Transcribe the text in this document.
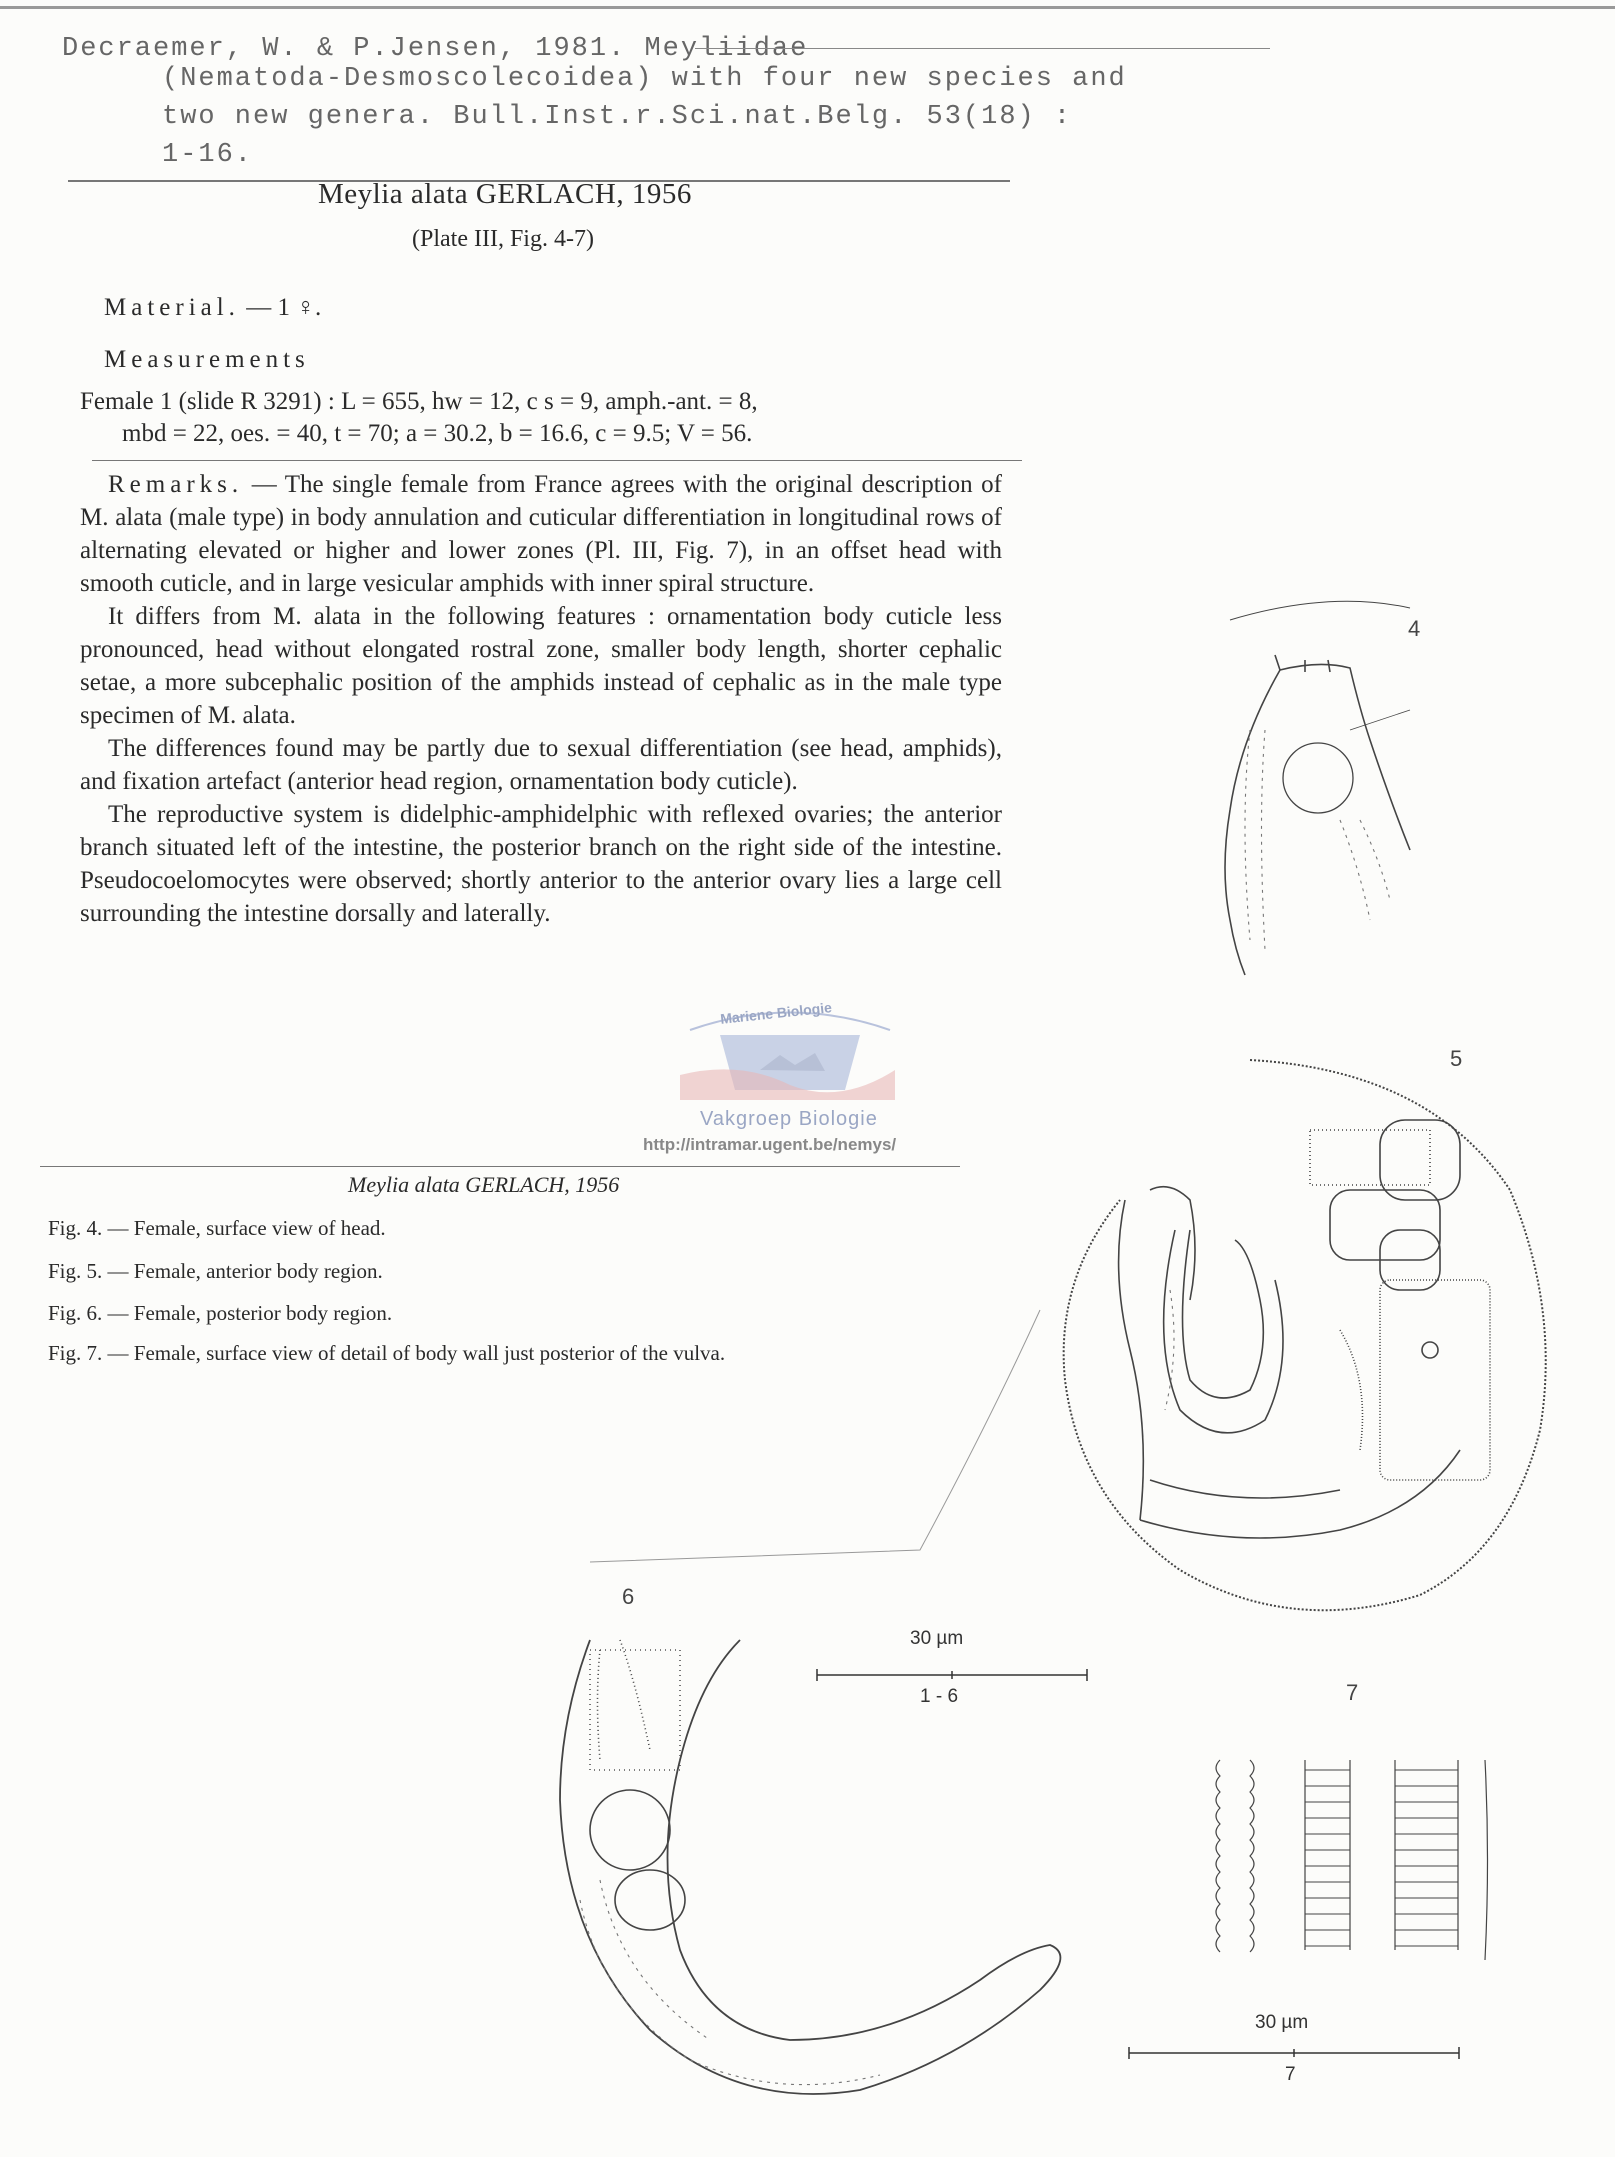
Decraemer, W. & P.Jensen, 1981. Meyliidae
(Nematoda-Desmoscolecoidea) with four new species and
two new genera. Bull.Inst.r.Sci.nat.Belg. 53(18) :
1-16.
Meylia alata GERLACH, 1956
(Plate III, Fig. 4-7)
Material. — 1 ♀.
Measurements
Female 1 (slide R 3291) : L = 655, hw = 12, c s = 9, amph.-ant. = 8,
mbd = 22, oes. = 40, t = 70; a = 30.2, b = 16.6, c = 9.5; V = 56.

Remarks. — The single female from France agrees with the original description of M. alata (male type) in body annulation and cuticular differentiation in longitudinal rows of alternating elevated or higher and lower zones (Pl. III, Fig. 7), in an offset head with smooth cuticle, and in large vesicular amphids with inner spiral structure.

It differs from M. alata in the following features : ornamentation body cuticle less pronounced, head without elongated rostral zone, smaller body length, shorter cephalic setae, a more subcephalic position of the amphids instead of cephalic as in the male type specimen of M. alata.

The differences found may be partly due to sexual differentiation (see head, amphids), and fixation artefact (anterior head region, ornamentation body cuticle).

The reproductive system is didelphic-amphidelphic with reflexed ovaries; the anterior branch situated left of the intestine, the posterior branch on the right side of the intestine. Pseudocoelomocytes were observed; shortly anterior to the anterior ovary lies a large cell surrounding the intestine dorsally and laterally.

Mariene Biologie
Vakgroep Biologie
http://intramar.ugent.be/nemys/
Meylia alata GERLACH, 1956
Fig. 4. — Female, surface view of head.
Fig. 5. — Female, anterior body region.
Fig. 6. — Female, posterior body region.
Fig. 7. — Female, surface view of detail of body wall just posterior of the vulva.
4
5
6
30 µm
1 - 6	7
30 µm
7
